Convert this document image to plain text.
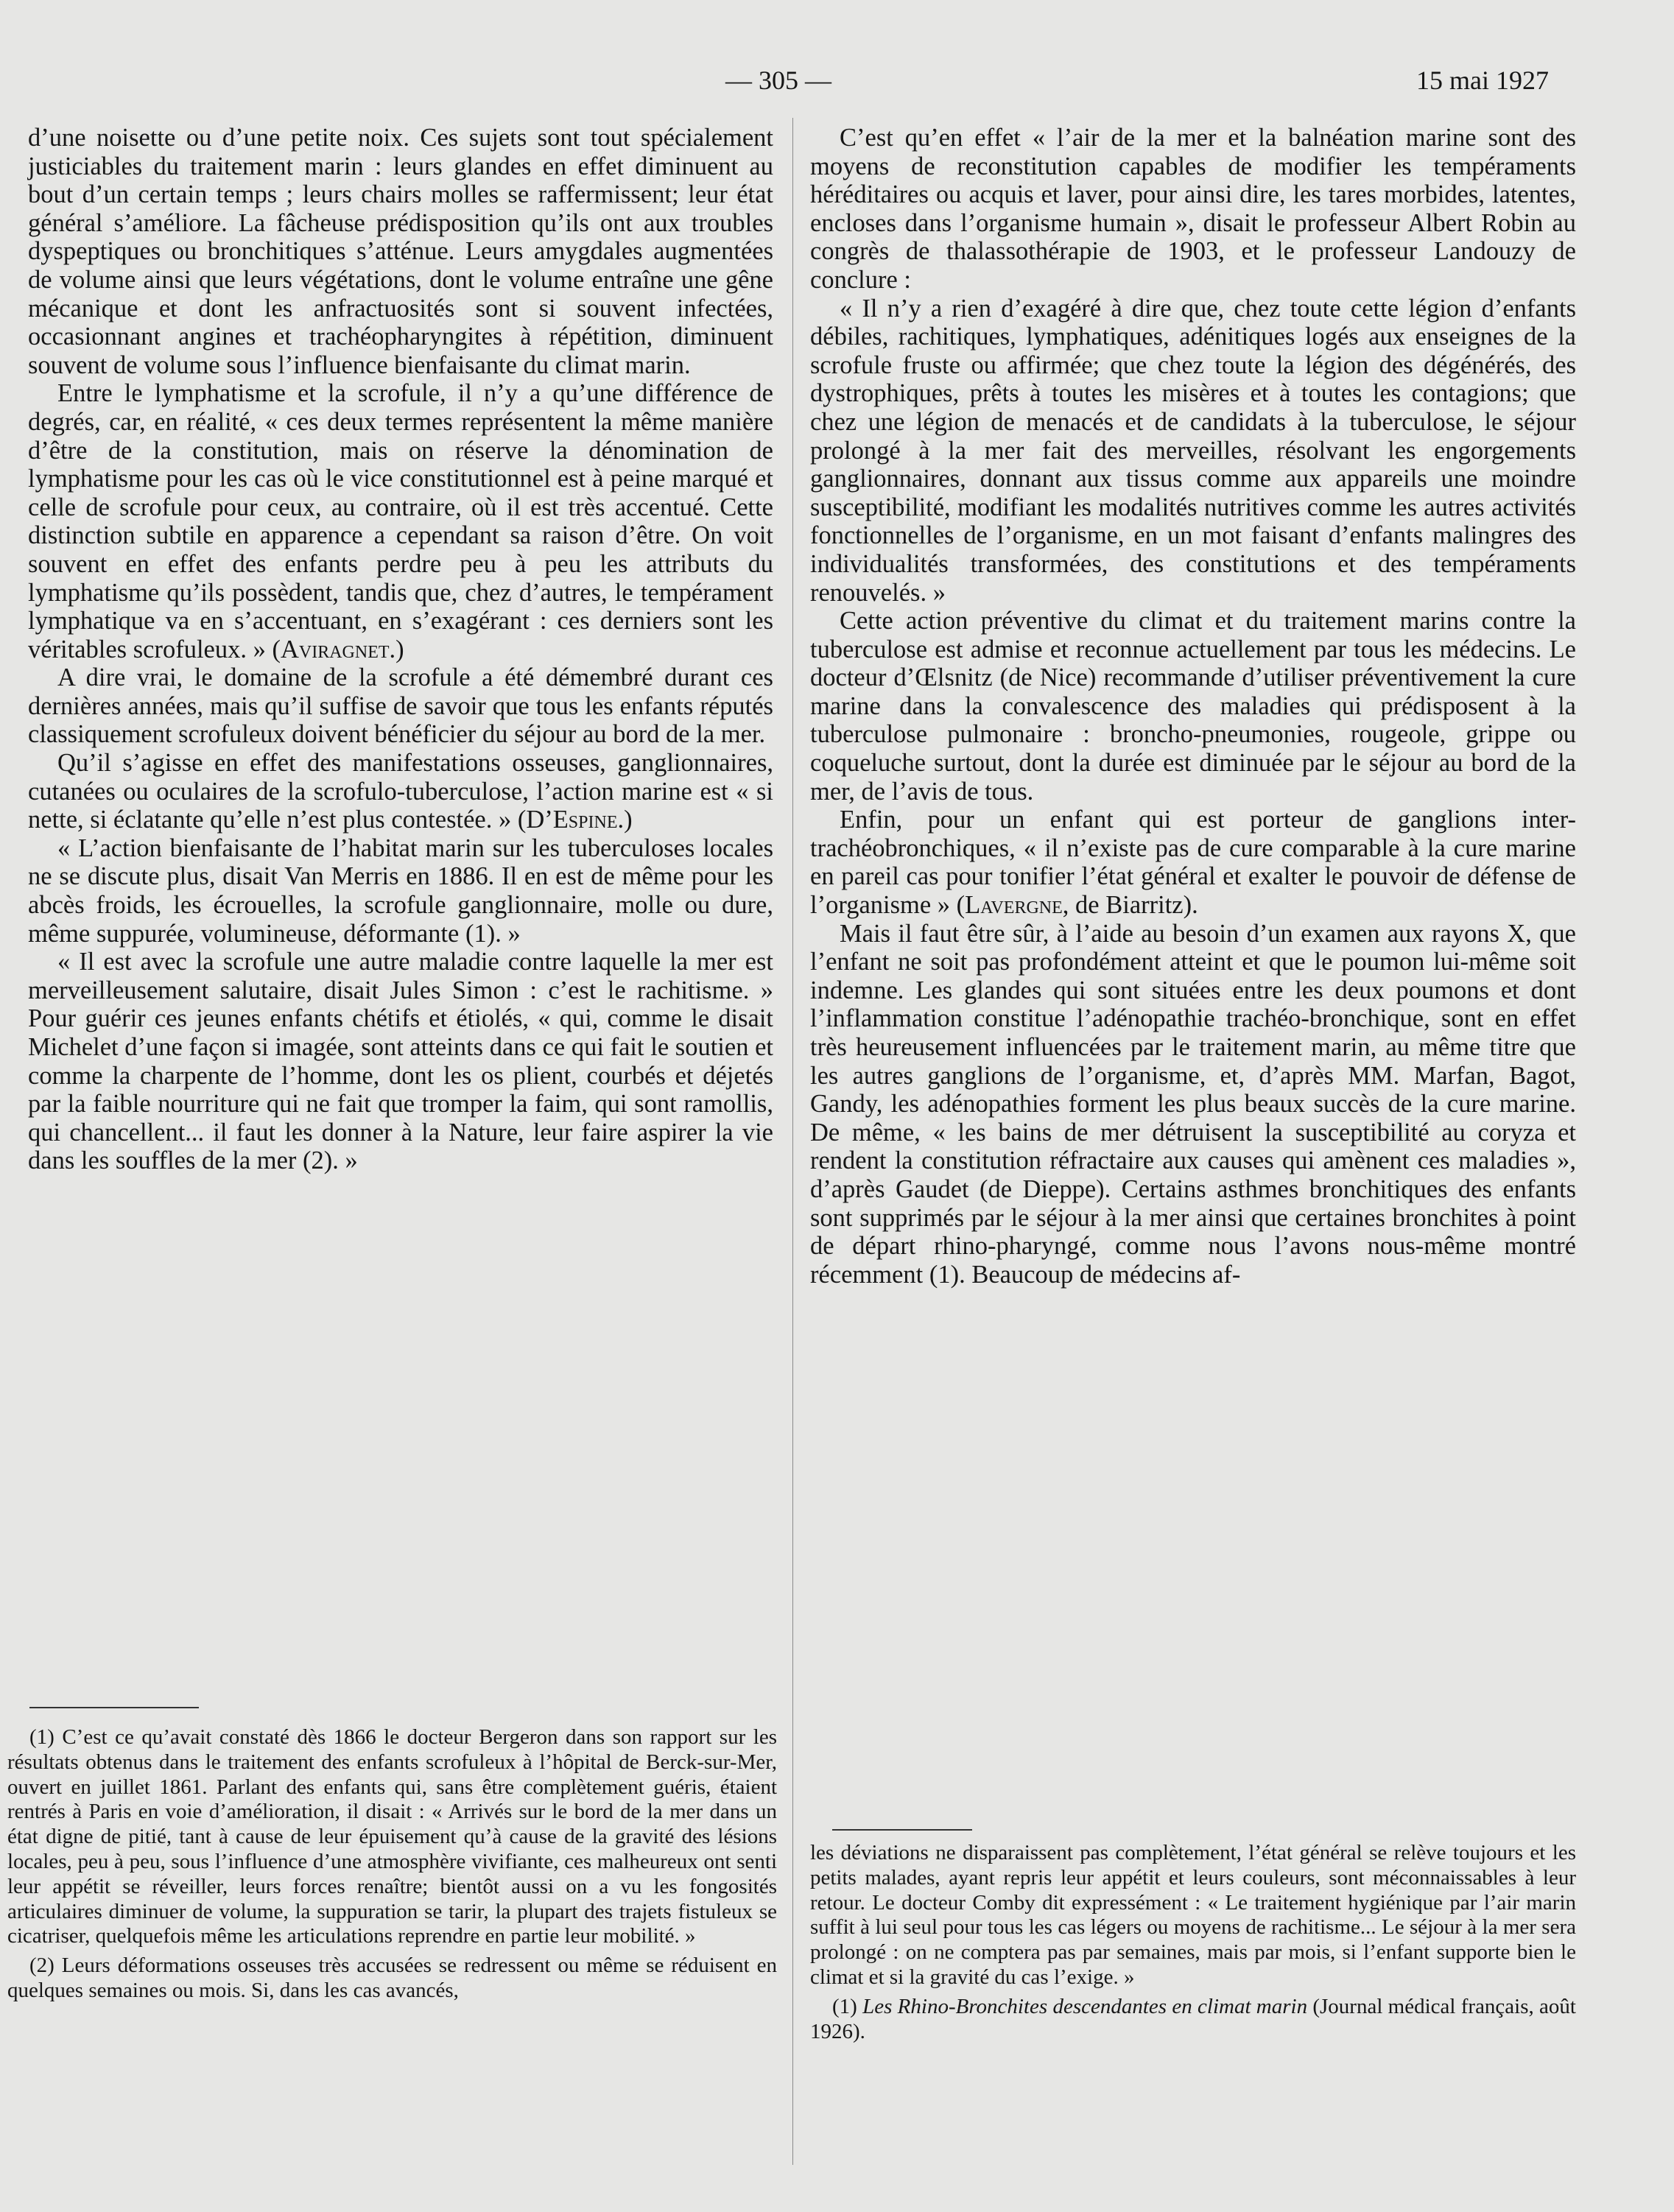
— 305 —	15 mai 1927

d’une noisette ou d’une petite noix. Ces sujets sont tout spécialement justiciables du traitement marin : leurs glandes en effet diminuent au bout d’un certain temps ; leurs chairs molles se raffermissent; leur état général s’améliore. La fâcheuse prédisposition qu’ils ont aux troubles dyspeptiques ou bronchitiques s’atténue. Leurs amygdales augmentées de volume ainsi que leurs végétations, dont le volume entraîne une gêne mécanique et dont les anfractuosités sont si souvent infectées, occasionnant angines et trachéopharyngites à répétition, diminuent souvent de volume sous l’influence bienfaisante du climat marin.

Entre le lymphatisme et la scrofule, il n’y a qu’une différence de degrés, car, en réalité, « ces deux termes représentent la même manière d’être de la constitution, mais on réserve la dénomination de lymphatisme pour les cas où le vice constitutionnel est à peine marqué et celle de scrofule pour ceux, au contraire, où il est très accentué. Cette distinction subtile en apparence a cependant sa raison d’être. On voit souvent en effet des enfants perdre peu à peu les attributs du lymphatisme qu’ils possèdent, tandis que, chez d’autres, le tempérament lymphatique va en s’accentuant, en s’exagérant : ces derniers sont les véritables scrofuleux. » (Aviragnet.)

A dire vrai, le domaine de la scrofule a été démembré durant ces dernières années, mais qu’il suffise de savoir que tous les enfants réputés classiquement scrofuleux doivent bénéficier du séjour au bord de la mer.

Qu’il s’agisse en effet des manifestations osseuses, ganglionnaires, cutanées ou oculaires de la scrofulo-tuberculose, l’action marine est « si nette, si éclatante qu’elle n’est plus contestée. » (D’Espine.)

« L’action bienfaisante de l’habitat marin sur les tuberculoses locales ne se discute plus, disait Van Merris en 1886. Il en est de même pour les abcès froids, les écrouelles, la scrofule ganglionnaire, molle ou dure, même suppurée, volumineuse, déformante (1). »

« Il est avec la scrofule une autre maladie contre laquelle la mer est merveilleusement salutaire, disait Jules Simon : c’est le rachitisme. » Pour guérir ces jeunes enfants chétifs et étiolés, « qui, comme le disait Michelet d’une façon si imagée, sont atteints dans ce qui fait le soutien et comme la charpente de l’homme, dont les os plient, courbés et déjetés par la faible nourriture qui ne fait que tromper la faim, qui sont ramollis, qui chancellent... il faut les donner à la Nature, leur faire aspirer la vie dans les souffles de la mer (2). »

(1) C’est ce qu’avait constaté dès 1866 le docteur Bergeron dans son rapport sur les résultats obtenus dans le traitement des enfants scrofuleux à l’hôpital de Berck-sur-Mer, ouvert en juillet 1861. Parlant des enfants qui, sans être complètement guéris, étaient rentrés à Paris en voie d’amélioration, il disait : « Arrivés sur le bord de la mer dans un état digne de pitié, tant à cause de leur épuisement qu’à cause de la gravité des lésions locales, peu à peu, sous l’influence d’une atmosphère vivifiante, ces malheureux ont senti leur appétit se réveiller, leurs forces renaître; bientôt aussi on a vu les fongosités articulaires diminuer de volume, la suppuration se tarir, la plupart des trajets fistuleux se cicatriser, quelquefois même les articulations reprendre en partie leur mobilité. »

(2) Leurs déformations osseuses très accusées se redressent ou même se réduisent en quelques semaines ou mois. Si, dans les cas avancés,

C’est qu’en effet « l’air de la mer et la balnéation marine sont des moyens de reconstitution capables de modifier les tempéraments héréditaires ou acquis et laver, pour ainsi dire, les tares morbides, latentes, encloses dans l’organisme humain », disait le professeur Albert Robin au congrès de thalassothérapie de 1903, et le professeur Landouzy de conclure :

« Il n’y a rien d’exagéré à dire que, chez toute cette légion d’enfants débiles, rachitiques, lymphatiques, adénitiques logés aux enseignes de la scrofule fruste ou affirmée; que chez toute la légion des dégénérés, des dystrophiques, prêts à toutes les misères et à toutes les contagions; que chez une légion de menacés et de candidats à la tuberculose, le séjour prolongé à la mer fait des merveilles, résolvant les engorgements ganglionnaires, donnant aux tissus comme aux appareils une moindre susceptibilité, modifiant les modalités nutritives comme les autres activités fonctionnelles de l’organisme, en un mot faisant d’enfants malingres des individualités transformées, des constitutions et des tempéraments renouvelés. »

Cette action préventive du climat et du traitement marins contre la tuberculose est admise et reconnue actuellement par tous les médecins. Le docteur d’Œlsnitz (de Nice) recommande d’utiliser préventivement la cure marine dans la convalescence des maladies qui prédisposent à la tuberculose pulmonaire : broncho-pneumonies, rougeole, grippe ou coqueluche surtout, dont la durée est diminuée par le séjour au bord de la mer, de l’avis de tous.

Enfin, pour un enfant qui est porteur de ganglions inter-trachéobronchiques, « il n’existe pas de cure comparable à la cure marine en pareil cas pour tonifier l’état général et exalter le pouvoir de défense de l’organisme » (Lavergne, de Biarritz).

Mais il faut être sûr, à l’aide au besoin d’un examen aux rayons X, que l’enfant ne soit pas profondément atteint et que le poumon lui-même soit indemne. Les glandes qui sont situées entre les deux poumons et dont l’inflammation constitue l’adénopathie trachéo-bronchique, sont en effet très heureusement influencées par le traitement marin, au même titre que les autres ganglions de l’organisme, et, d’après MM. Marfan, Bagot, Gandy, les adénopathies forment les plus beaux succès de la cure marine. De même, « les bains de mer détruisent la susceptibilité au coryza et rendent la constitution réfractaire aux causes qui amènent ces maladies », d’après Gaudet (de Dieppe). Certains asthmes bronchitiques des enfants sont supprimés par le séjour à la mer ainsi que certaines bronchites à point de départ rhino-pharyngé, comme nous l’avons nous-même montré récemment (1). Beaucoup de médecins af-

les déviations ne disparaissent pas complètement, l’état général se relève toujours et les petits malades, ayant repris leur appétit et leurs couleurs, sont méconnaissables à leur retour. Le docteur Comby dit expressément : « Le traitement hygiénique par l’air marin suffit à lui seul pour tous les cas légers ou moyens de rachitisme... Le séjour à la mer sera prolongé : on ne comptera pas par semaines, mais par mois, si l’enfant supporte bien le climat et si la gravité du cas l’exige. »

(1) Les Rhino-Bronchites descendantes en climat marin (Journal médical français, août 1926).
